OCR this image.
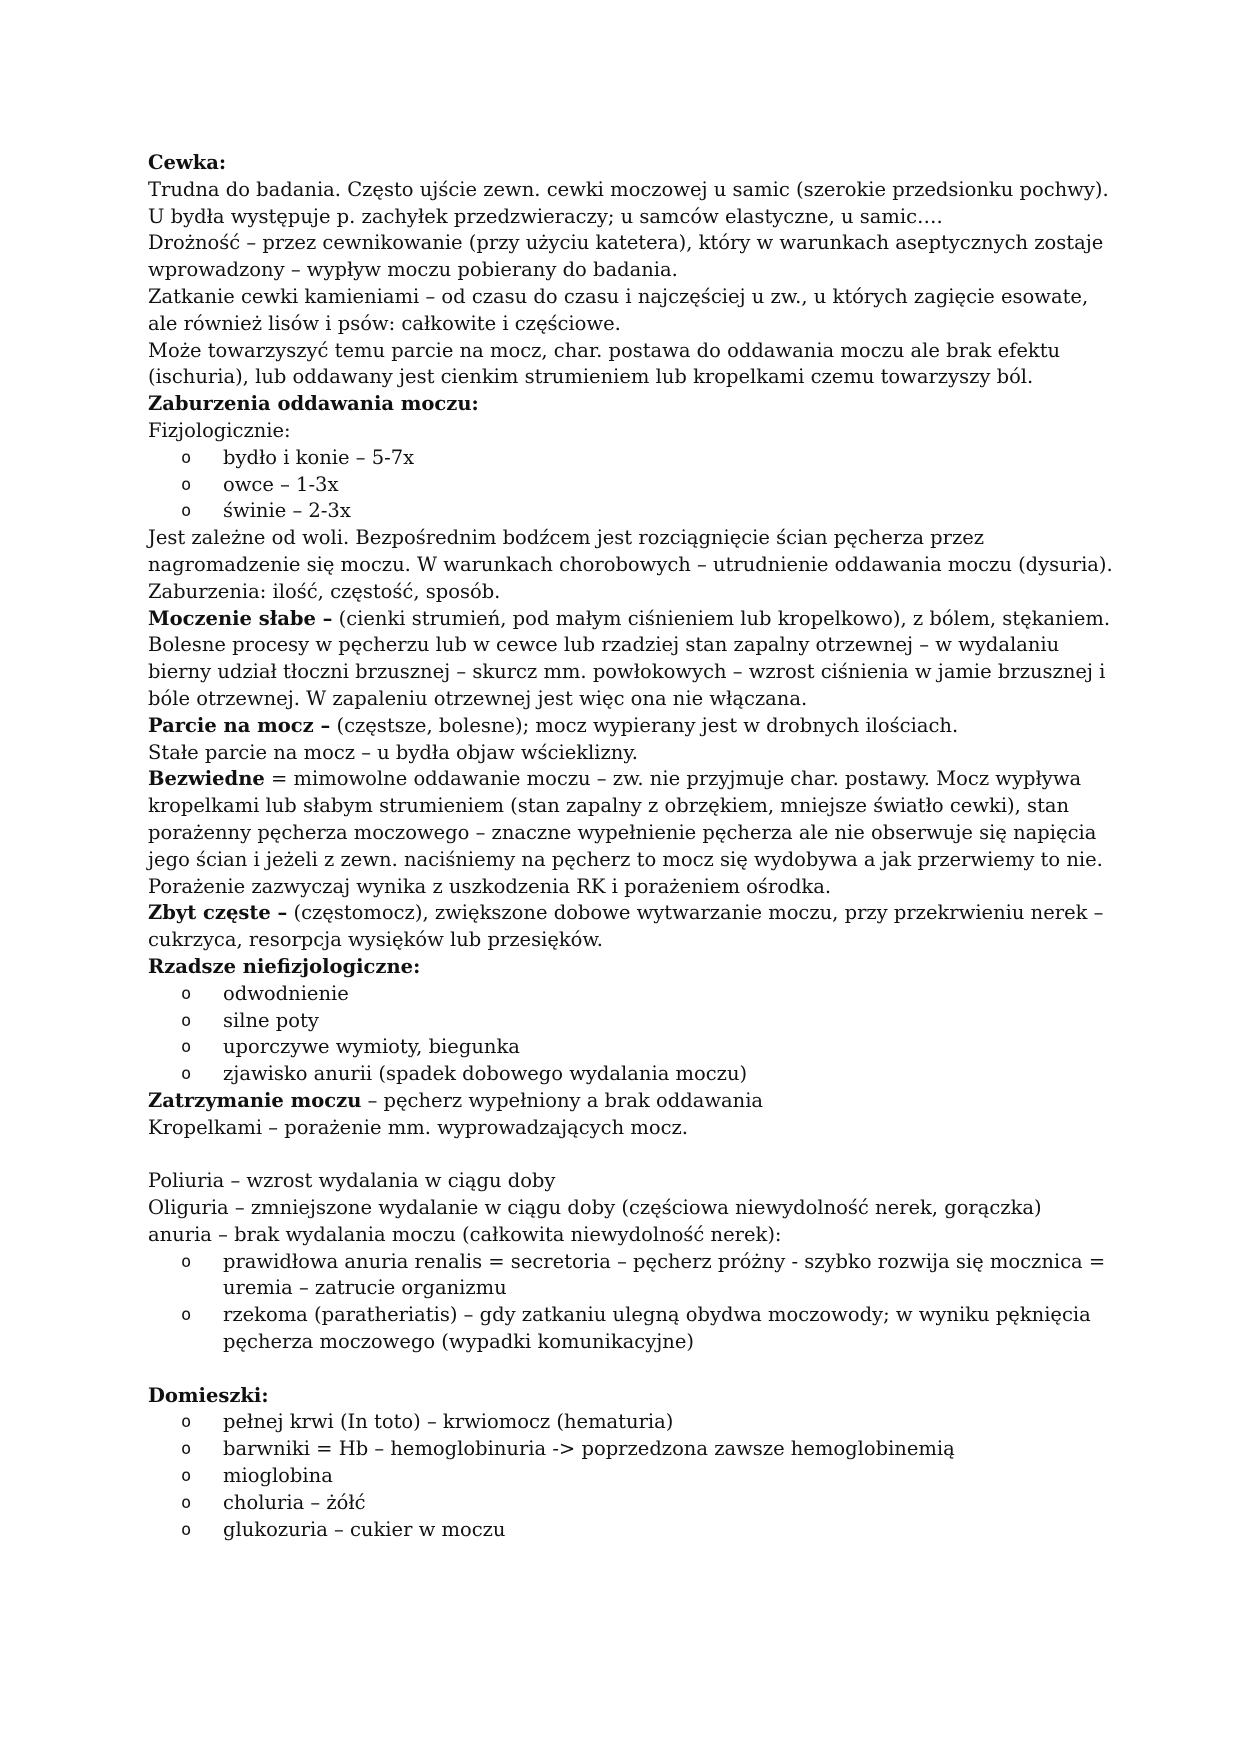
Cewka:

Trudna do badania. Często ujście zewn. cewki moczowej u samic (szerokie przedsionku pochwy). U bydła występuje p. zachyłek przedzwieraczy; u samców elastyczne, u samic….

Drożność – przez cewnikowanie (przy użyciu katetera), który w warunkach aseptycznych zostaje wprowadzony – wypływ moczu pobierany do badania.

Zatkanie cewki kamieniami – od czasu do czasu i najczęściej u zw., u których zagięcie esowate, ale również lisów i psów: całkowite i częściowe.

Może towarzyszyć temu parcie na mocz, char. postawa do oddawania moczu ale brak efektu (ischuria), lub oddawany jest cienkim strumieniem lub kropelkami czemu towarzyszy ból.

Zaburzenia oddawania moczu:

Fizjologicznie:

o bydło i konie – 5-7x
o owce – 1-3x
o świnie – 2-3x

Jest zależne od woli. Bezpośrednim bodźcem jest rozciągnięcie ścian pęcherza przez nagromadzenie się moczu. W warunkach chorobowych – utrudnienie oddawania moczu (dysuria). Zaburzenia: ilość, częstość, sposób.

Moczenie słabe – (cienki strumień, pod małym ciśnieniem lub kropelkowo), z bólem, stękaniem. Bolesne procesy w pęcherzu lub w cewce lub rzadziej stan zapalny otrzewnej – w wydalaniu bierny udział tłoczni brzusznej – skurcz mm. powłokowych – wzrost ciśnienia w jamie brzusznej i bóle otrzewnej. W zapaleniu otrzewnej jest więc ona nie włączana.

Parcie na mocz – (częstsze, bolesne); mocz wypierany jest w drobnych ilościach.

Stałe parcie na mocz – u bydła objaw wścieklizny.

Bezwiedne = mimowolne oddawanie moczu – zw. nie przyjmuje char. postawy. Mocz wypływa kropelkami lub słabym strumieniem (stan zapalny z obrzękiem, mniejsze światło cewki), stan porażenny pęcherza moczowego – znaczne wypełnienie pęcherza ale nie obserwuje się napięcia jego ścian i jeżeli z zewn. naciśniemy na pęcherz to mocz się wydobywa a jak przerwiemy to nie. Porażenie zazwyczaj wynika z uszkodzenia RK i porażeniem ośrodka.

Zbyt częste – (częstomocz), zwiększone dobowe wytwarzanie moczu, przy przekrwieniu nerek – cukrzyca, resorpcja wysięków lub przesięków.

Rzadsze niefizjologiczne:

o odwodnienie
o silne poty
o uporczywe wymioty, biegunka
o zjawisko anurii (spadek dobowego wydalania moczu)

Zatrzymanie moczu – pęcherz wypełniony a brak oddawania

Kropelkami – porażenie mm. wyprowadzających mocz.

Poliuria – wzrost wydalania w ciągu doby

Oliguria – zmniejszone wydalanie w ciągu doby (częściowa niewydolność nerek, gorączka)

anuria – brak wydalania moczu (całkowita niewydolność nerek):

o prawidłowa anuria renalis = secretoria – pęcherz próżny - szybko rozwija się mocznica = uremia – zatrucie organizmu
o rzekoma (paratheriatis) – gdy zatkaniu ulegną obydwa moczowody; w wyniku pęknięcia pęcherza moczowego (wypadki komunikacyjne)

Domieszki:

o pełnej krwi (In toto) – krwiomocz (hematuria)
o barwniki = Hb – hemoglobinuria -> poprzedzona zawsze hemoglobinemią
o mioglobina
o choluria – żółć
o glukozuria – cukier w moczu
